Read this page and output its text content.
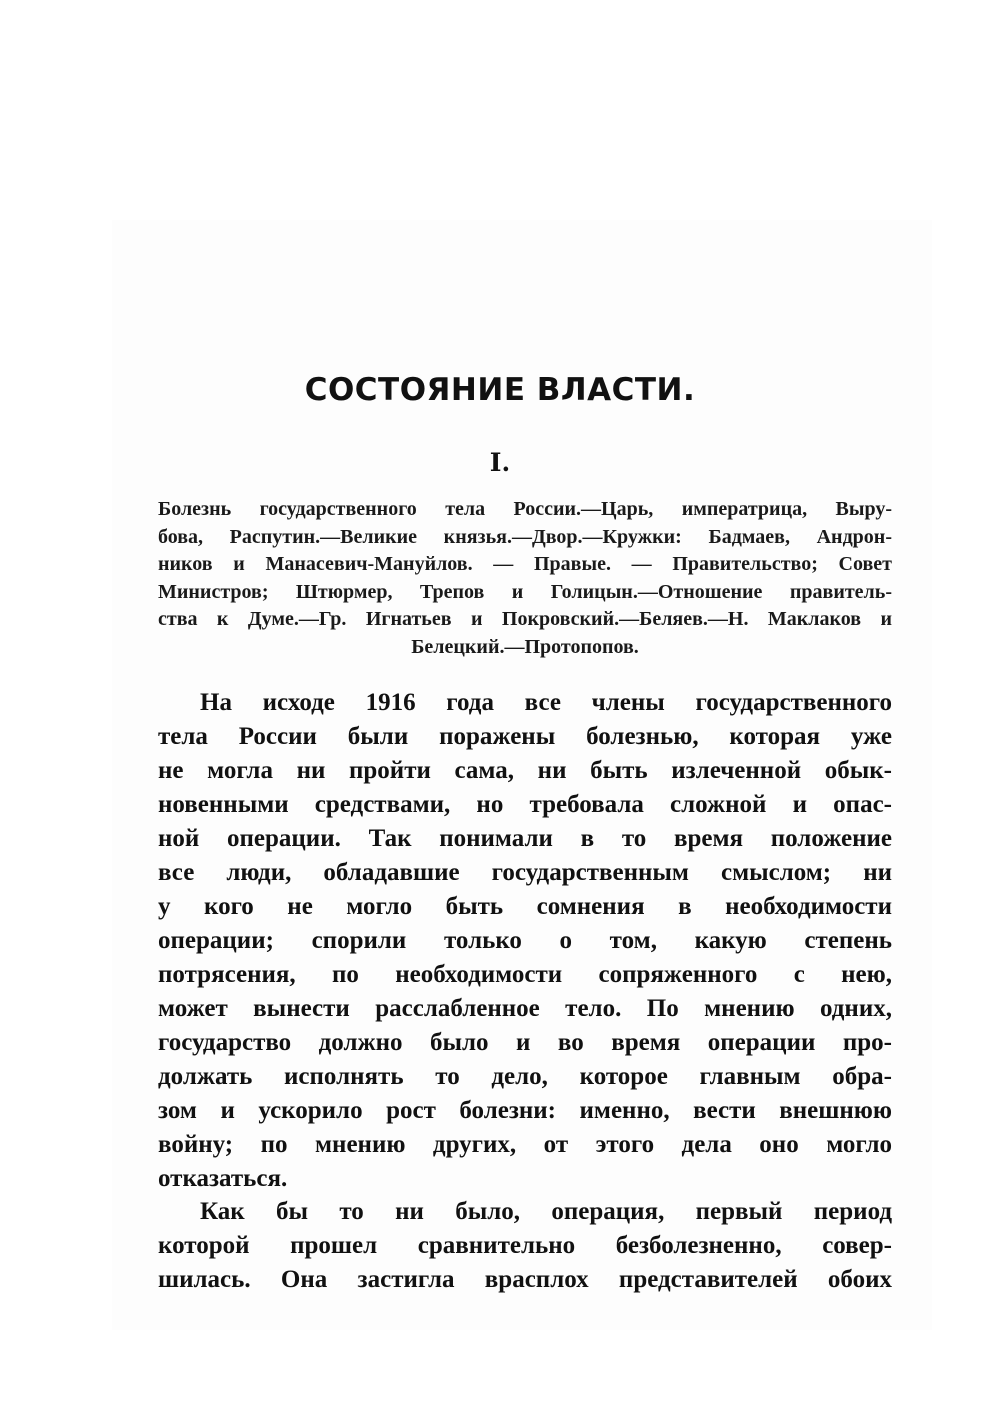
СОСТОЯНИЕ ВЛАСТИ.
I.

Болезнь государственного тела России.—Царь, императрица, Выру-
бова, Распутин.—Великие князья.—Двор.—Кружки: Бадмаев, Андрон-
ников и Манасевич-Мануйлов. — Правые. — Правительство; Совет
Министров; Штюрмер, Трепов и Голицын.—Отношение правитель-
ства к Думе.—Гр. Игнатьев и Покровский.—Беляев.—Н. Маклаков и
Белецкий.—Протопопов.

На исходе 1916 года все члены государственного
тела России были поражены болезнью, которая уже
не могла ни пройти сама, ни быть излеченной обык-
новенными средствами, но требовала сложной и опас-
ной операции. Так понимали в то время положение
все люди, обладавшие государственным смыслом; ни
у кого не могло быть сомнения в необходимости
операции; спорили только о том, какую степень
потрясения, по необходимости сопряженного с нею,
может вынести расслабленное тело. По мнению одних,
государство должно было и во время операции про-
должать исполнять то дело, которое главным обра-
зом и ускорило рост болезни: именно, вести внешнюю
войну; по мнению других, от этого дела оно могло
отказаться.

Как бы то ни было, операция, первый период
которой прошел сравнительно безболезненно, совер-
шилась. Она застигла врасплох представителей обоих
